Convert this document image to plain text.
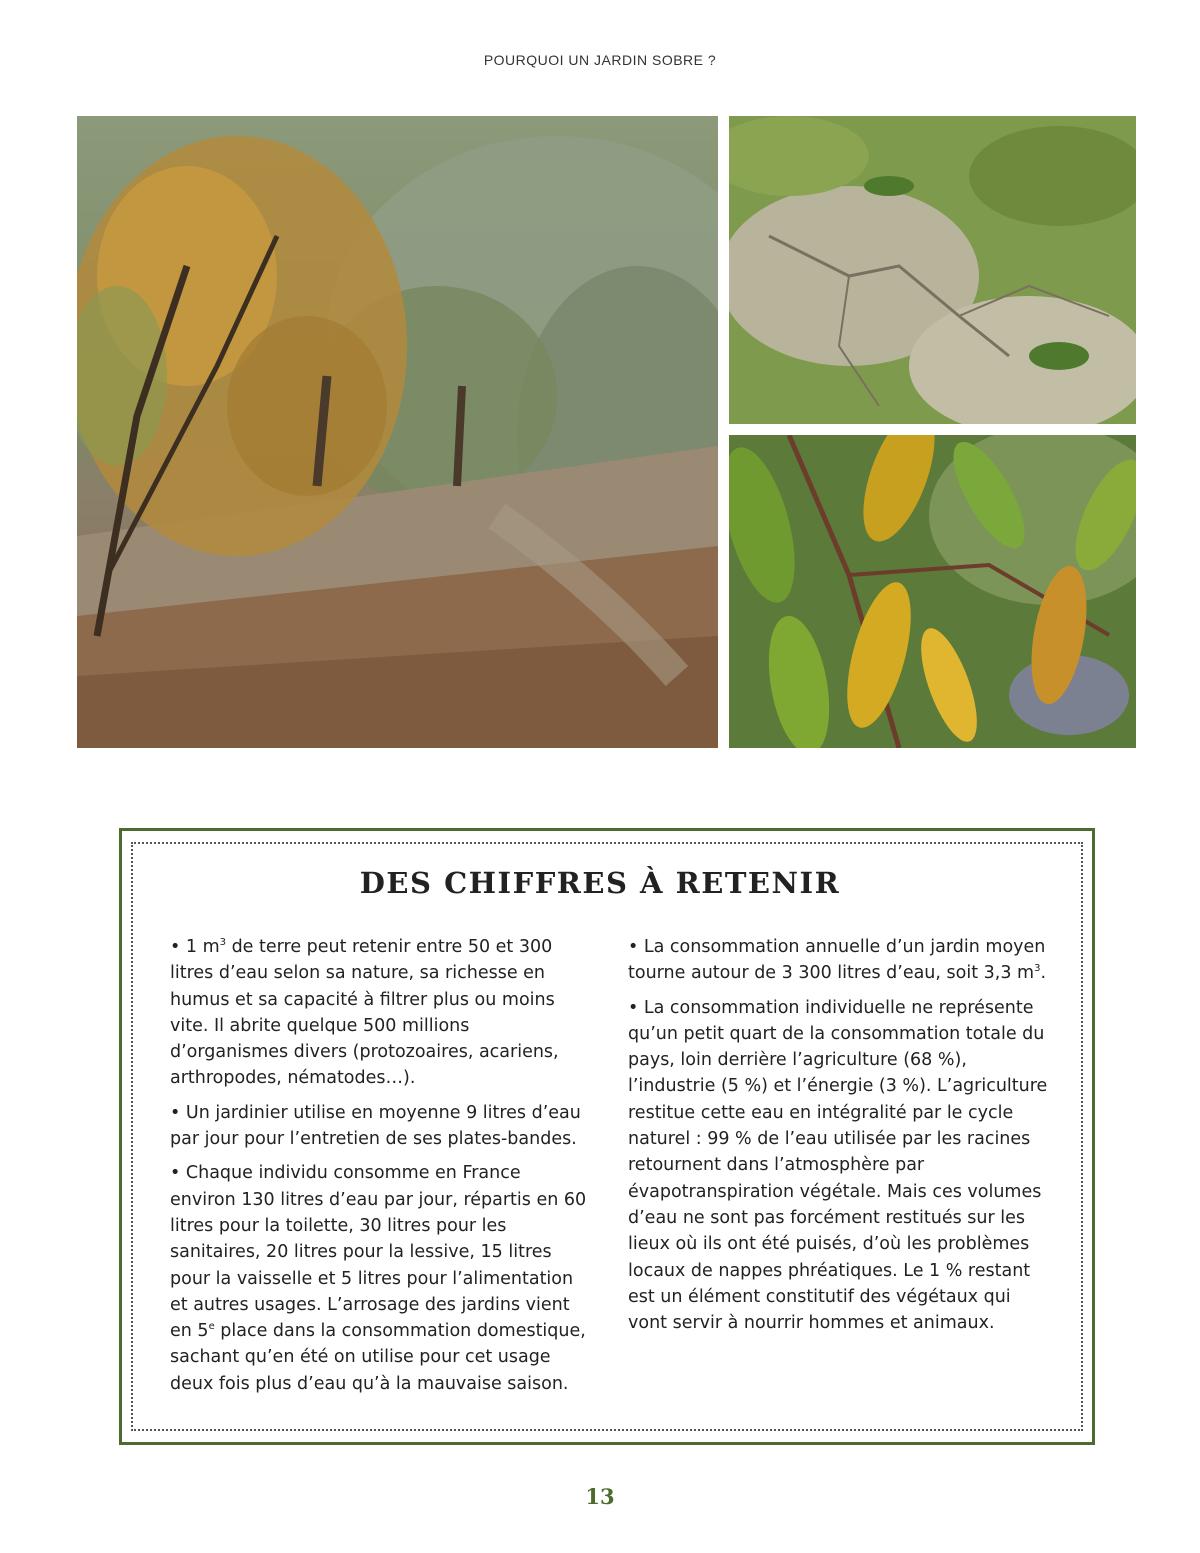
POURQUOI UN JARDIN SOBRE ?
DES CHIFFRES À RETENIR

• 1 $m^3$ de terre peut retenir entre 50 et 300 litres d’eau selon sa nature, sa richesse en humus et sa capacité à filtrer plus ou moins vite. Il abrite quelque 500 millions d’organismes divers (protozoaires, acariens, arthropodes, nématodes…).

• Un jardinier utilise en moyenne 9 litres d’eau par jour pour l’entretien de ses plates-bandes.

• Chaque individu consomme en France environ 130 litres d’eau par jour, répartis en 60 litres pour la toilette, 30 litres pour les sanitaires, 20 litres pour la lessive, 15 litres pour la vaisselle et 5 litres pour l’alimentation et autres usages. L’arrosage des jardins vient en 5e place dans la consommation domestique, sachant qu’en été on utilise pour cet usage deux fois plus d’eau qu’à la mauvaise saison.

• La consommation annuelle d’un jardin moyen tourne autour de 3 300 litres d’eau, soit 3,3 $m^3$.

• La consommation individuelle ne représente qu’un petit quart de la consommation totale du pays, loin derrière l’agriculture (68 %), l’industrie (5 %) et l’énergie (3 %). L’agriculture restitue cette eau en intégralité par le cycle naturel : 99 % de l’eau utilisée par les racines retournent dans l’atmosphère par évapotranspiration végétale. Mais ces volumes d’eau ne sont pas forcément restitués sur les lieux où ils ont été puisés, d’où les problèmes locaux de nappes phréatiques. Le 1 % restant est un élément constitutif des végétaux qui vont servir à nourrir hommes et animaux.

13
